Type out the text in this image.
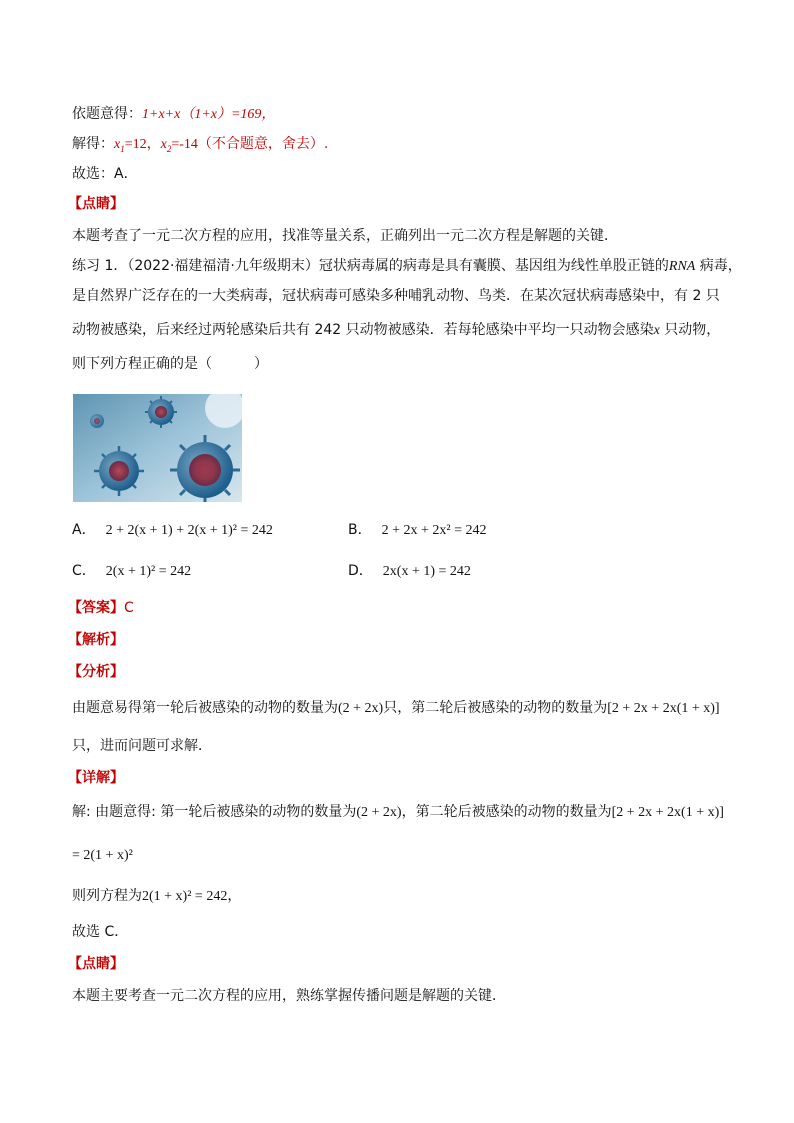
依题意得：1+x+x（1+x）=169，
解得：$x_1=12$，$x_2=-14$（不合题意，舍去）.
故选：A．
【点睛】
本题考查了一元二次方程的应用，找准等量关系，正确列出一元二次方程是解题的关键．
练习 1．（2022·福建福清·九年级期末）冠状病毒属的病毒是具有囊膜、基因组为线性单股正链的RNA 病毒，
是自然界广泛存在的一大类病毒，冠状病毒可感染多种哺乳动物、鸟类．在某次冠状病毒感染中，有 2 只
动物被感染，后来经过两轮感染后共有 242 只动物被感染．若每轮感染中平均一只动物会感染x 只动物，
则下列方程正确的是（　　　）
A． 2 + 2(x + 1) + 2(x + 1)² = 242	B． 2 + 2x + 2x² = 242
C． 2(x + 1)² = 242	D． 2x(x + 1) = 242
【答案】C
【解析】
【分析】
由题意易得第一轮后被感染的动物的数量为(2 + 2x)只，第二轮后被感染的动物的数量为[2 + 2x + 2x(1 + x)]
只，进而问题可求解．
【详解】
解: 由题意得: 第一轮后被感染的动物的数量为(2 + 2x)，第二轮后被感染的动物的数量为[2 + 2x + 2x(1 + x)]
= 2(1 + x)²
则列方程为2(1 + x)² = 242，
故选 C．
【点睛】
本题主要考查一元二次方程的应用，熟练掌握传播问题是解题的关键．
